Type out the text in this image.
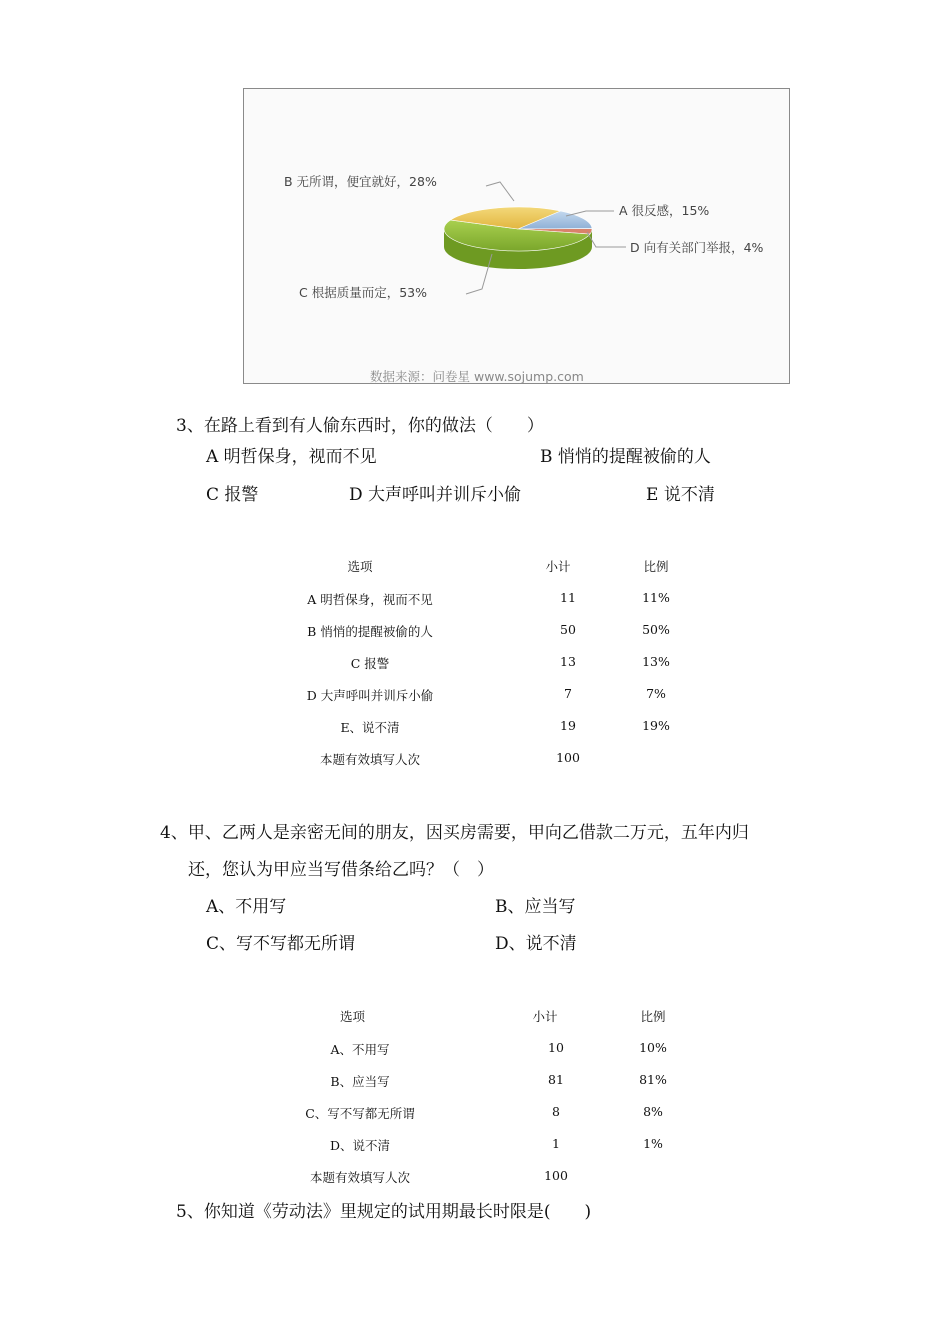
B 无所谓，便宜就好，28%
A 很反感，15%
D 向有关部门举报，4%
C 根据质量而定，53%
数据来源：问卷星 www.sojump.com
3、在路上看到有人偷东西时，你的做法（　　）
A 明哲保身，视而不见	B 悄悄的提醒被偷的人
C 报警	D 大声呼叫并训斥小偷	E 说不清
选项	小计	比例
A 明哲保身，视而不见	11	11%
B 悄悄的提醒被偷的人	50	50%
C 报警	13	13%
D 大声呼叫并训斥小偷	7	7%
E、说不清	19	19%
本题有效填写人次	100
4、甲、乙两人是亲密无间的朋友，因买房需要，甲向乙借款二万元，五年内归
还，您认为甲应当写借条给乙吗？（　）
A、不用写	B、应当写
C、写不写都无所谓	D、说不清
选项	小计	比例
A、不用写	10	10%
B、应当写	81	81%
C、写不写都无所谓	8	8%
D、说不清	1	1%
本题有效填写人次	100
5、你知道《劳动法》里规定的试用期最长时限是(　　)
